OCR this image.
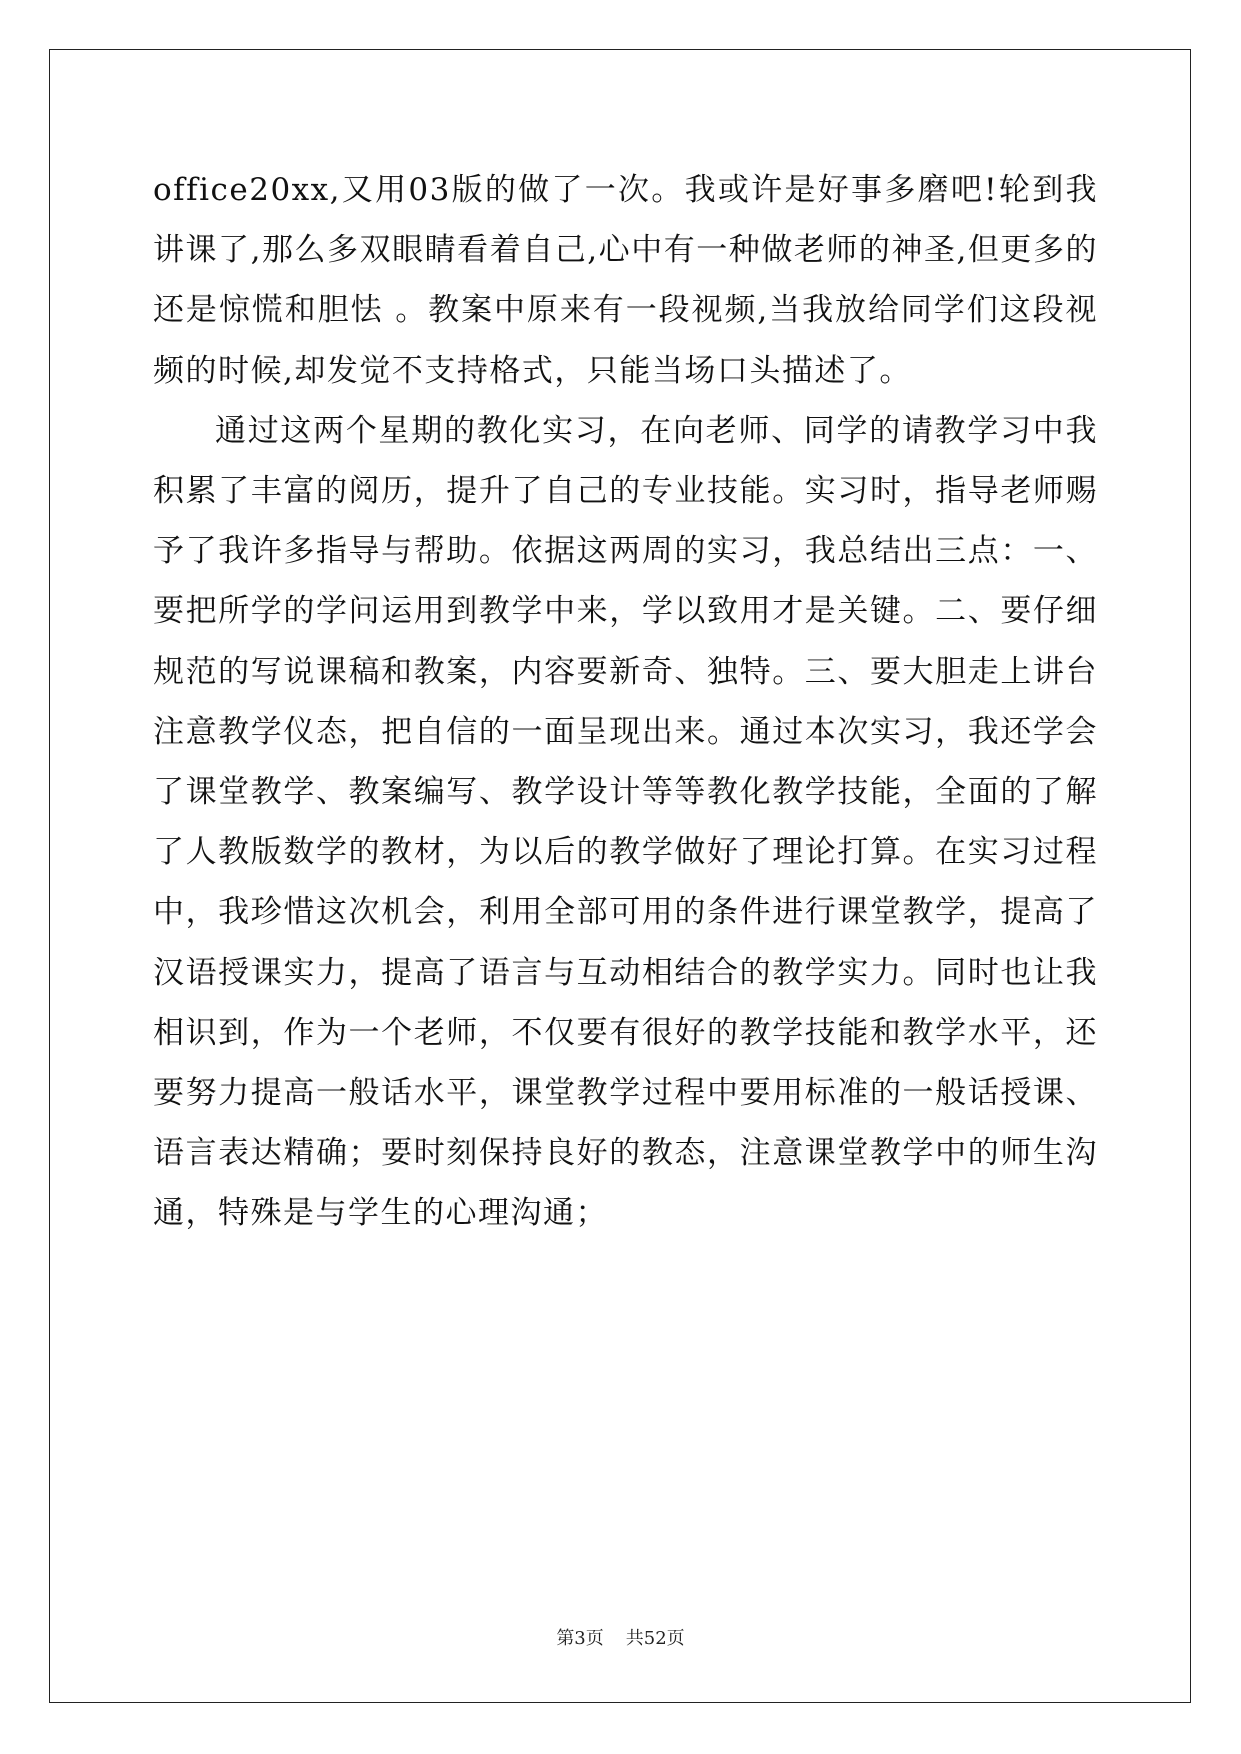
office20xx,又用03版的做了一次。我或许是好事多磨吧!轮到我讲课了,那么多双眼睛看着自己,心中有一种做老师的神圣,但更多的还是惊慌和胆怯 。教案中原来有一段视频,当我放给同学们这段视频的时候,却发觉不支持格式，只能当场口头描述了。

通过这两个星期的教化实习，在向老师、同学的请教学习中我积累了丰富的阅历，提升了自己的专业技能。实习时，指导老师赐予了我许多指导与帮助。依据这两周的实习，我总结出三点：一、要把所学的学问运用到教学中来，学以致用才是关键。二、要仔细规范的写说课稿和教案，内容要新奇、独特。三、要大胆走上讲台注意教学仪态，把自信的一面呈现出来。通过本次实习，我还学会了课堂教学、教案编写、教学设计等等教化教学技能，全面的了解了人教版数学的教材，为以后的教学做好了理论打算。在实习过程中，我珍惜这次机会，利用全部可用的条件进行课堂教学，提高了汉语授课实力，提高了语言与互动相结合的教学实力。同时也让我相识到，作为一个老师，不仅要有很好的教学技能和教学水平，还要努力提高一般话水平，课堂教学过程中要用标准的一般话授课、语言表达精确；要时刻保持良好的教态，注意课堂教学中的师生沟通，特殊是与学生的心理沟通；

第3页 共52页
